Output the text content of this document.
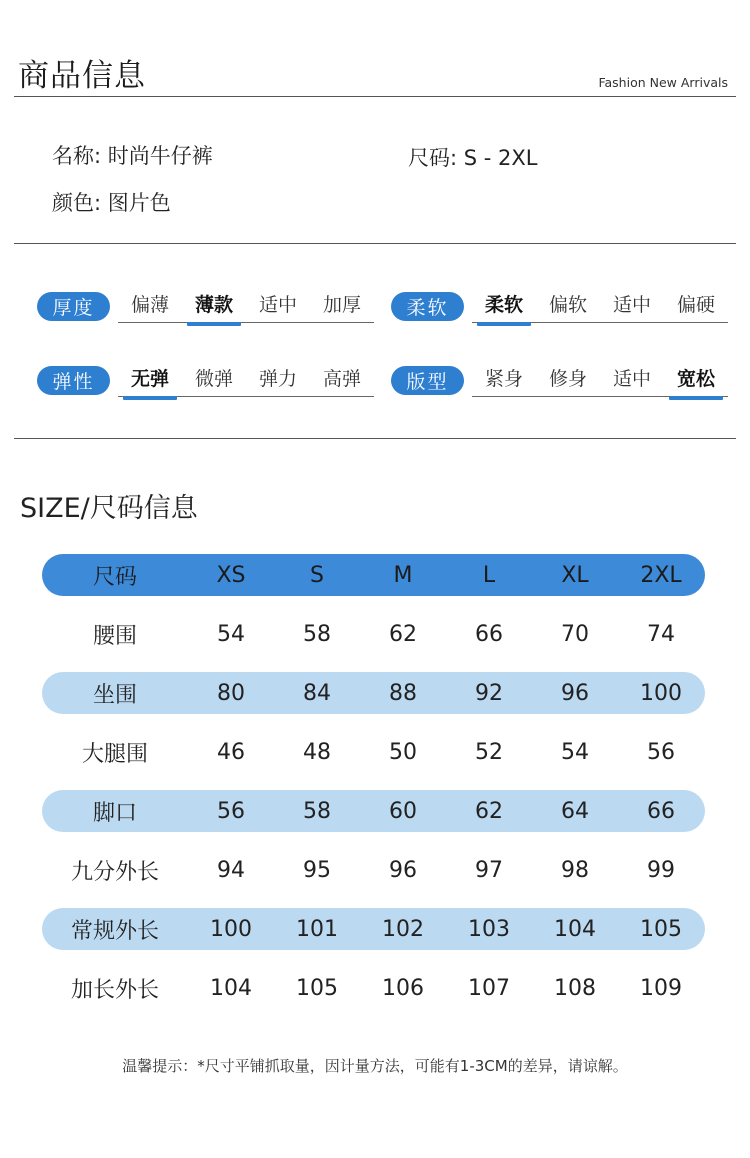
商品信息	Fashion New Arrivals
名称: 时尚牛仔裤	尺码: S - 2XL
颜色: 图片色
厚度	偏薄	薄款	适中	加厚	柔软	柔软	偏软	适中	偏硬
弹性	无弹	微弹	弹力	高弹	版型	紧身	修身	适中	宽松
SIZE/尺码信息
尺码	XS	S	M	L	XL	2XL
腰围	54	58	62	66	70	74
坐围	80	84	88	92	96	100
大腿围	46	48	50	52	54	56
脚口	56	58	60	62	64	66
九分外长	94	95	96	97	98	99
常规外长	100	101	102	103	104	105
加长外长	104	105	106	107	108	109
温馨提示：*尺寸平铺抓取量，因计量方法，可能有1-3CM的差异，请谅解。
